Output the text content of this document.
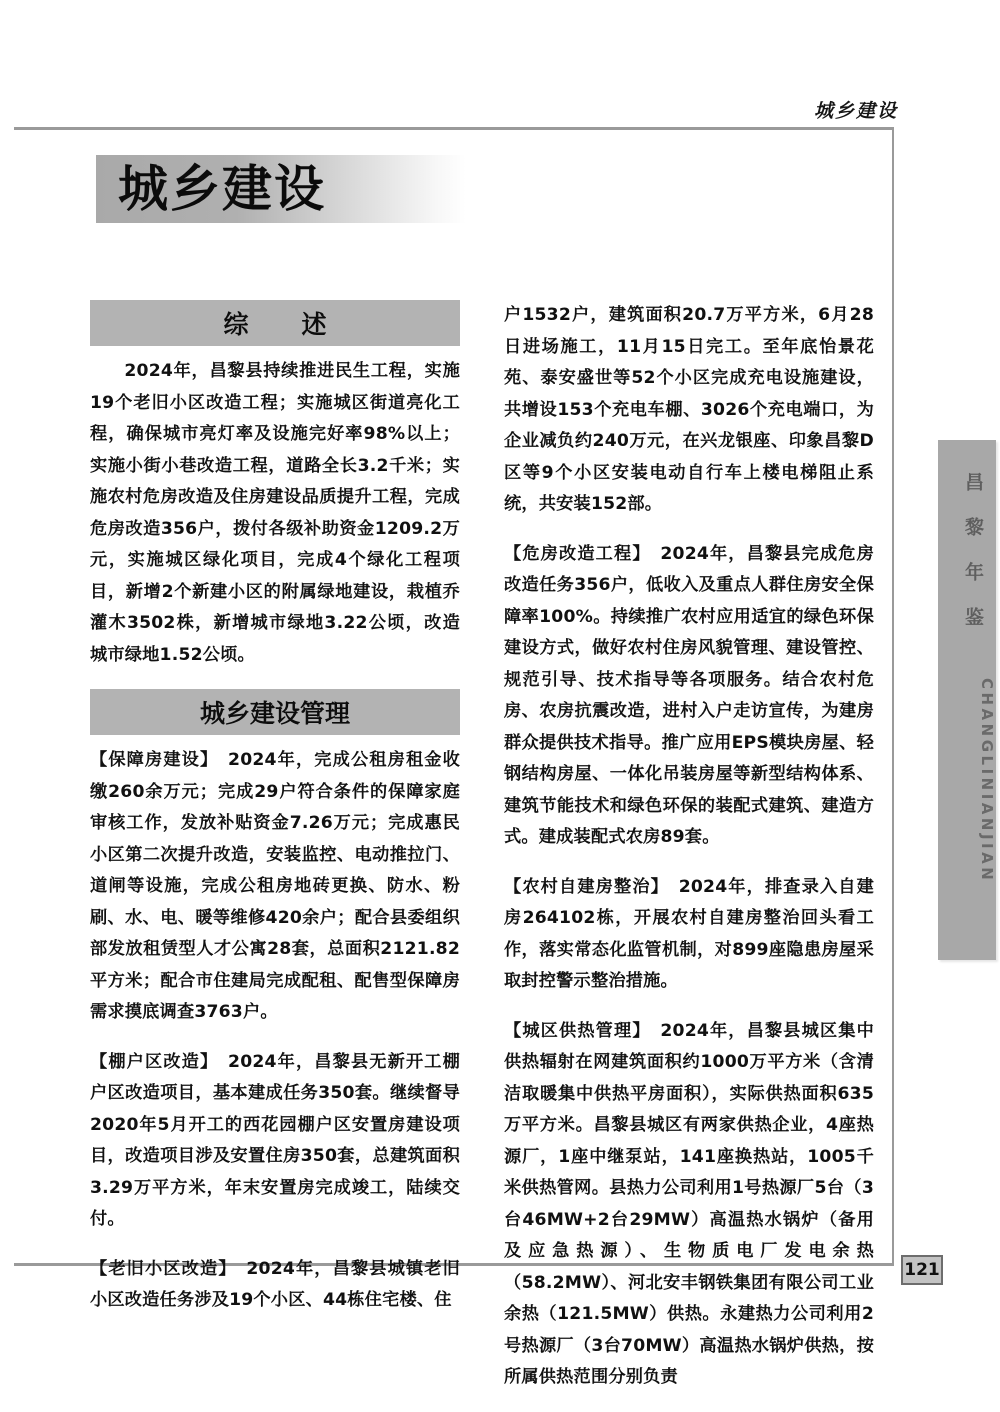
城乡建设
城乡建设
综　述

2024年，昌黎县持续推进民生工程，实施19个老旧小区改造工程；实施城区街道亮化工程，确保城市亮灯率及设施完好率98%以上；实施小街小巷改造工程，道路全长3.2千米；实施农村危房改造及住房建设品质提升工程，完成危房改造356户，拨付各级补助资金1209.2万元，实施城区绿化项目，完成4个绿化工程项目，新增2个新建小区的附属绿地建设，栽植乔灌木3502株，新增城市绿地3.22公顷，改造城市绿地1.52公顷。

城乡建设管理

【保障房建设】　2024年，完成公租房租金收缴260余万元；完成29户符合条件的保障家庭审核工作，发放补贴资金7.26万元；完成惠民小区第二次提升改造，安装监控、电动推拉门、道闸等设施，完成公租房地砖更换、防水、粉刷、水、电、暖等维修420余户；配合县委组织部发放租赁型人才公寓28套，总面积2121.82平方米；配合市住建局完成配租、配售型保障房需求摸底调查3763户。

【棚户区改造】　2024年，昌黎县无新开工棚户区改造项目，基本建成任务350套。继续督导2020年5月开工的西花园棚户区安置房建设项目，改造项目涉及安置住房350套，总建筑面积3.29万平方米，年末安置房完成竣工，陆续交付。

【老旧小区改造】　2024年，昌黎县城镇老旧小区改造任务涉及19个小区、44栋住宅楼、住

户1532户，建筑面积20.7万平方米，6月28日进场施工，11月15日完工。至年底怡景花苑、泰安盛世等52个小区完成充电设施建设，共增设153个充电车棚、3026个充电端口，为企业减负约240万元，在兴龙银座、印象昌黎D区等9个小区安装电动自行车上楼电梯阻止系统，共安装152部。

【危房改造工程】　2024年，昌黎县完成危房改造任务356户，低收入及重点人群住房安全保障率100%。持续推广农村应用适宜的绿色环保建设方式，做好农村住房风貌管理、建设管控、规范引导、技术指导等各项服务。结合农村危房、农房抗震改造，进村入户走访宣传，为建房群众提供技术指导。推广应用EPS模块房屋、轻钢结构房屋、一体化吊装房屋等新型结构体系、建筑节能技术和绿色环保的装配式建筑、建造方式。建成装配式农房89套。

【农村自建房整治】　2024年，排查录入自建房264102栋，开展农村自建房整治回头看工作，落实常态化监管机制，对899座隐患房屋采取封控警示整治措施。

【城区供热管理】　2024年，昌黎县城区集中供热辐射在网建筑面积约1000万平方米（含清洁取暖集中供热平房面积），实际供热面积635万平方米。昌黎县城区有两家供热企业，4座热源厂，1座中继泵站，141座换热站，1005千米供热管网。县热力公司利用1号热源厂5台（3台46MW+2台29MW）高温热水锅炉（备用及应急热源）、生物质电厂发电余热（58.2MW）、河北安丰钢铁集团有限公司工业余热（121.5MW）供热。永建热力公司利用2号热源厂（3台70MW）高温热水锅炉供热，按所属供热范围分别负责

昌黎年鉴
CHANGLINIANJIAN
121
